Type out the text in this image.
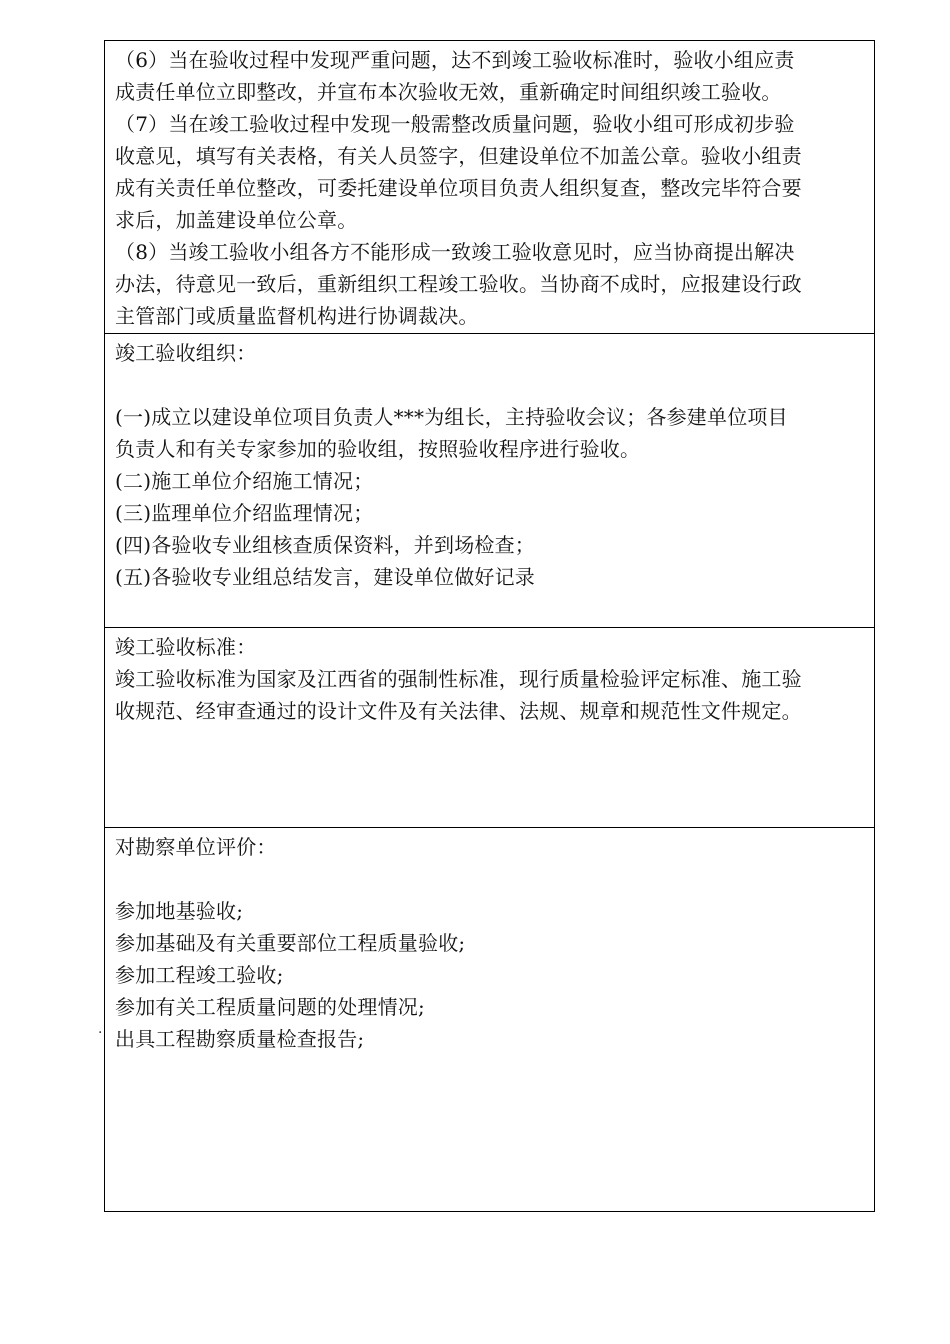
（6）当在验收过程中发现严重问题，达不到竣工验收标准时，验收小组应责

成责任单位立即整改，并宣布本次验收无效，重新确定时间组织竣工验收。

（7）当在竣工验收过程中发现一般需整改质量问题，验收小组可形成初步验

收意见，填写有关表格，有关人员签字，但建设单位不加盖公章。验收小组责

成有关责任单位整改，可委托建设单位项目负责人组织复查，整改完毕符合要

求后，加盖建设单位公章。

（8）当竣工验收小组各方不能形成一致竣工验收意见时，应当协商提出解决

办法，待意见一致后，重新组织工程竣工验收。当协商不成时，应报建设行政

主管部门或质量监督机构进行协调裁决。

竣工验收组织：

(一)成立以建设单位项目负责人***为组长，主持验收会议；各参建单位项目

负责人和有关专家参加的验收组，按照验收程序进行验收。

(二)施工单位介绍施工情况；

(三)监理单位介绍监理情况；

(四)各验收专业组核查质保资料，并到场检查；

(五)各验收专业组总结发言，建设单位做好记录

竣工验收标准：

竣工验收标准为国家及江西省的强制性标准，现行质量检验评定标准、施工验

收规范、经审查通过的设计文件及有关法律、法规、规章和规范性文件规定。

对勘察单位评价：

参加地基验收;

参加基础及有关重要部位工程质量验收;

参加工程竣工验收;

参加有关工程质量问题的处理情况;

出具工程勘察质量检查报告;

·
